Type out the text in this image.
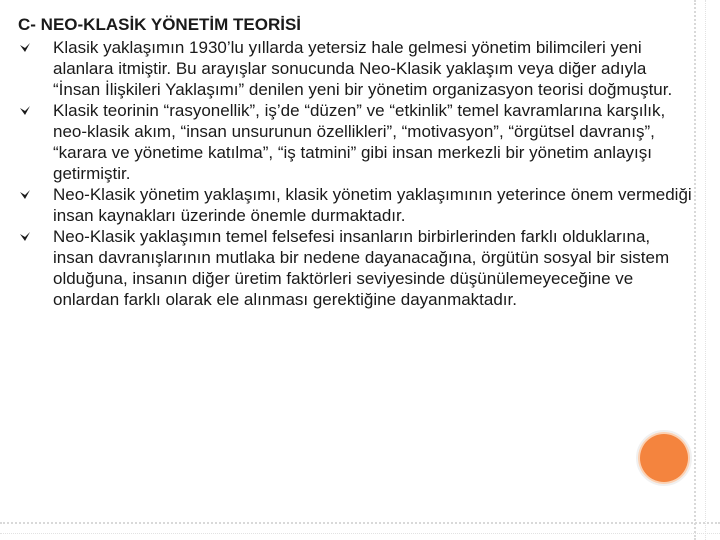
C- NEO-KLASİK YÖNETİM TEORİSİ
Klasik yaklaşımın 1930’lu yıllarda yetersiz hale gelmesi yönetim bilimcileri yeni alanlara itmiştir. Bu arayışlar sonucunda Neo-Klasik yaklaşım veya diğer adıyla “İnsan İlişkileri Yaklaşımı” denilen yeni bir yönetim organizasyon teorisi doğmuştur.
Klasik teorinin “rasyonellik”, iş’de “düzen” ve “etkinlik” temel kavramlarına karşılık, neo-klasik akım, “insan unsurunun özellikleri”, “motivasyon”, “örgütsel davranış”, “karara ve yönetime katılma”, “iş tatmini” gibi insan merkezli bir yönetim anlayışı getirmiştir.
Neo-Klasik yönetim yaklaşımı, klasik yönetim yaklaşımının yeterince önem vermediği insan kaynakları üzerinde önemle durmaktadır.
Neo-Klasik yaklaşımın temel felsefesi insanların birbirlerinden farklı olduklarına, insan davranışlarının mutlaka bir nedene dayanacağına, örgütün sosyal bir sistem olduğuna, insanın diğer üretim faktörleri seviyesinde düşünülemeyeceğine ve onlardan farklı olarak ele alınması gerektiğine dayanmaktadır.
